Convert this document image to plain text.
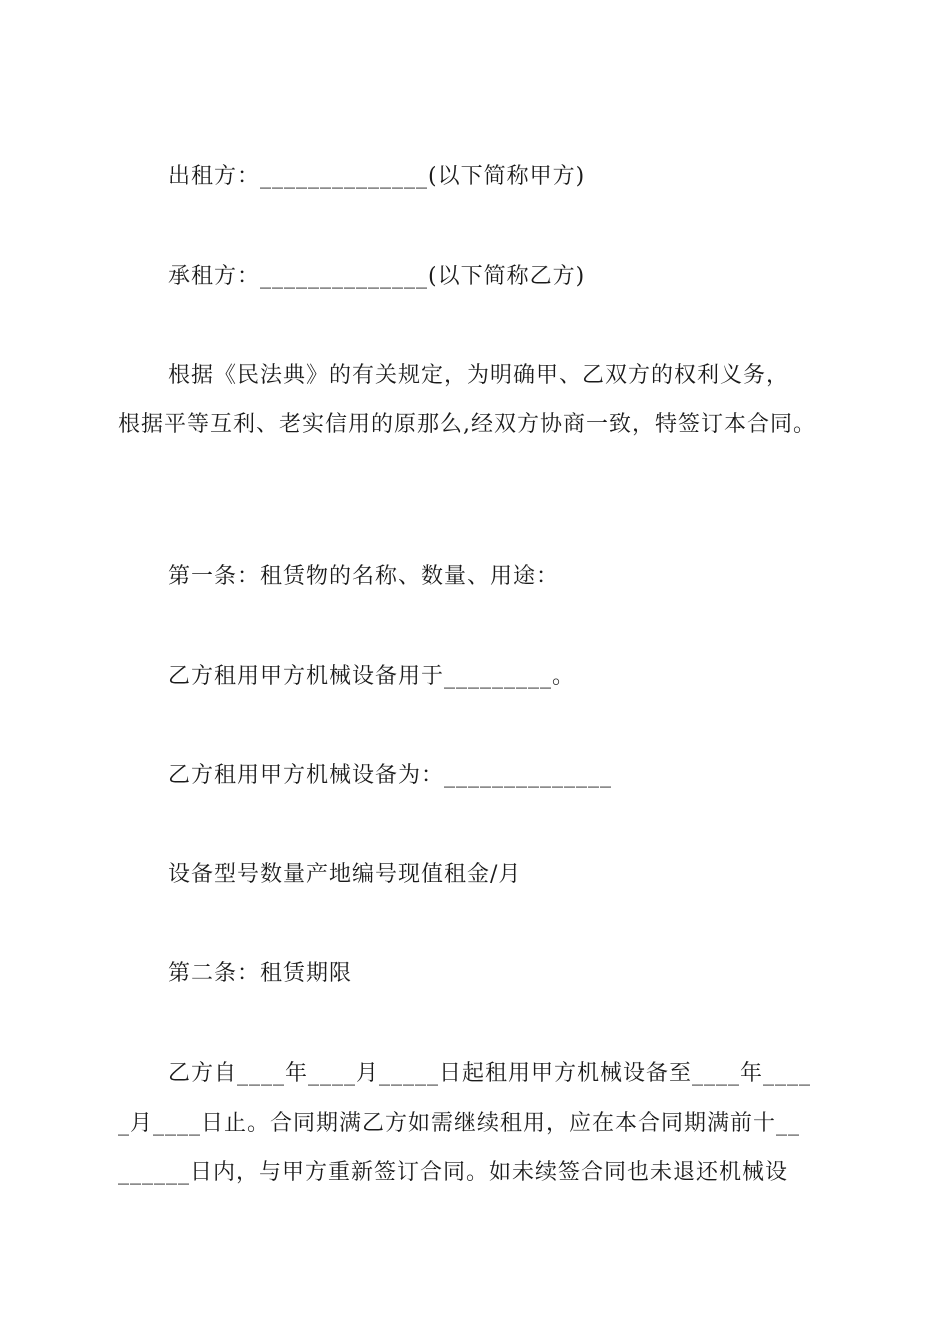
出租方：______________(以下简称甲方)
承租方：______________(以下简称乙方)
根据《民法典》的有关规定，为明确甲、乙双方的权利义务，
根据平等互利、老实信用的原那么,经双方协商一致，特签订本合同。
第一条：租赁物的名称、数量、用途：
乙方租用甲方机械设备用于_________。
乙方租用甲方机械设备为：______________
设备型号数量产地编号现值租金/月
第二条：租赁期限
乙方自____年____月_____日起租用甲方机械设备至____年____
_月____日止。合同期满乙方如需继续租用，应在本合同期满前十__
______日内，与甲方重新签订合同。如未续签合同也未退还机械设
